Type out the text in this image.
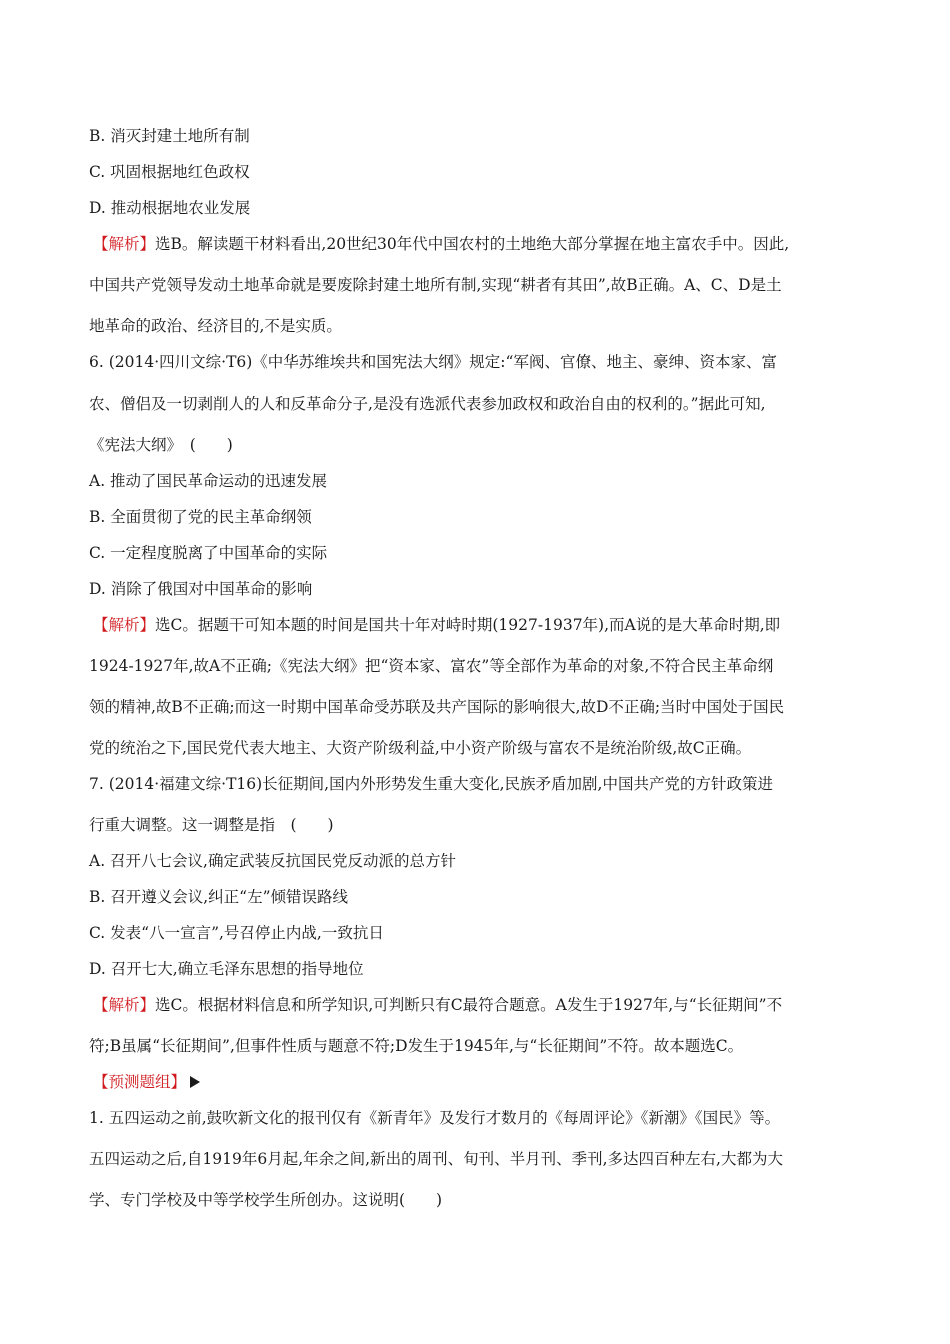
B. 消灭封建土地所有制
C. 巩固根据地红色政权
D. 推动根据地农业发展
【解析】选B。解读题干材料看出,20世纪30年代中国农村的土地绝大部分掌握在地主富农手中。因此,
中国共产党领导发动土地革命就是要废除封建土地所有制,实现“耕者有其田”,故B正确。A、C、D是土
地革命的政治、经济目的,不是实质。
6. (2014·四川文综·T6)《中华苏维埃共和国宪法大纲》规定:“军阀、官僚、地主、豪绅、资本家、富
农、僧侣及一切剥削人的人和反革命分子,是没有选派代表参加政权和政治自由的权利的。”据此可知,
《宪法大纲》　(　　)
A. 推动了国民革命运动的迅速发展
B. 全面贯彻了党的民主革命纲领
C. 一定程度脱离了中国革命的实际
D. 消除了俄国对中国革命的影响
【解析】选C。据题干可知本题的时间是国共十年对峙时期(1927-1937年),而A说的是大革命时期,即
1924-1927年,故A不正确;《宪法大纲》把“资本家、富农”等全部作为革命的对象,不符合民主革命纲
领的精神,故B不正确;而这一时期中国革命受苏联及共产国际的影响很大,故D不正确;当时中国处于国民
党的统治之下,国民党代表大地主、大资产阶级利益,中小资产阶级与富农不是统治阶级,故C正确。
7. (2014·福建文综·T16)长征期间,国内外形势发生重大变化,民族矛盾加剧,中国共产党的方针政策进
行重大调整。这一调整是指　(　　)
A. 召开八七会议,确定武装反抗国民党反动派的总方针
B. 召开遵义会议,纠正“左”倾错误路线
C. 发表“八一宣言”,号召停止内战,一致抗日
D. 召开七大,确立毛泽东思想的指导地位
【解析】选C。根据材料信息和所学知识,可判断只有C最符合题意。A发生于1927年,与“长征期间”不
符;B虽属“长征期间”,但事件性质与题意不符;D发生于1945年,与“长征期间”不符。故本题选C。
【预测题组】
1. 五四运动之前,鼓吹新文化的报刊仅有《新青年》及发行才数月的《每周评论》《新潮》《国民》等。
五四运动之后,自1919年6月起,年余之间,新出的周刊、旬刊、半月刊、季刊,多达四百种左右,大都为大
学、专门学校及中等学校学生所创办。这说明(　　)
